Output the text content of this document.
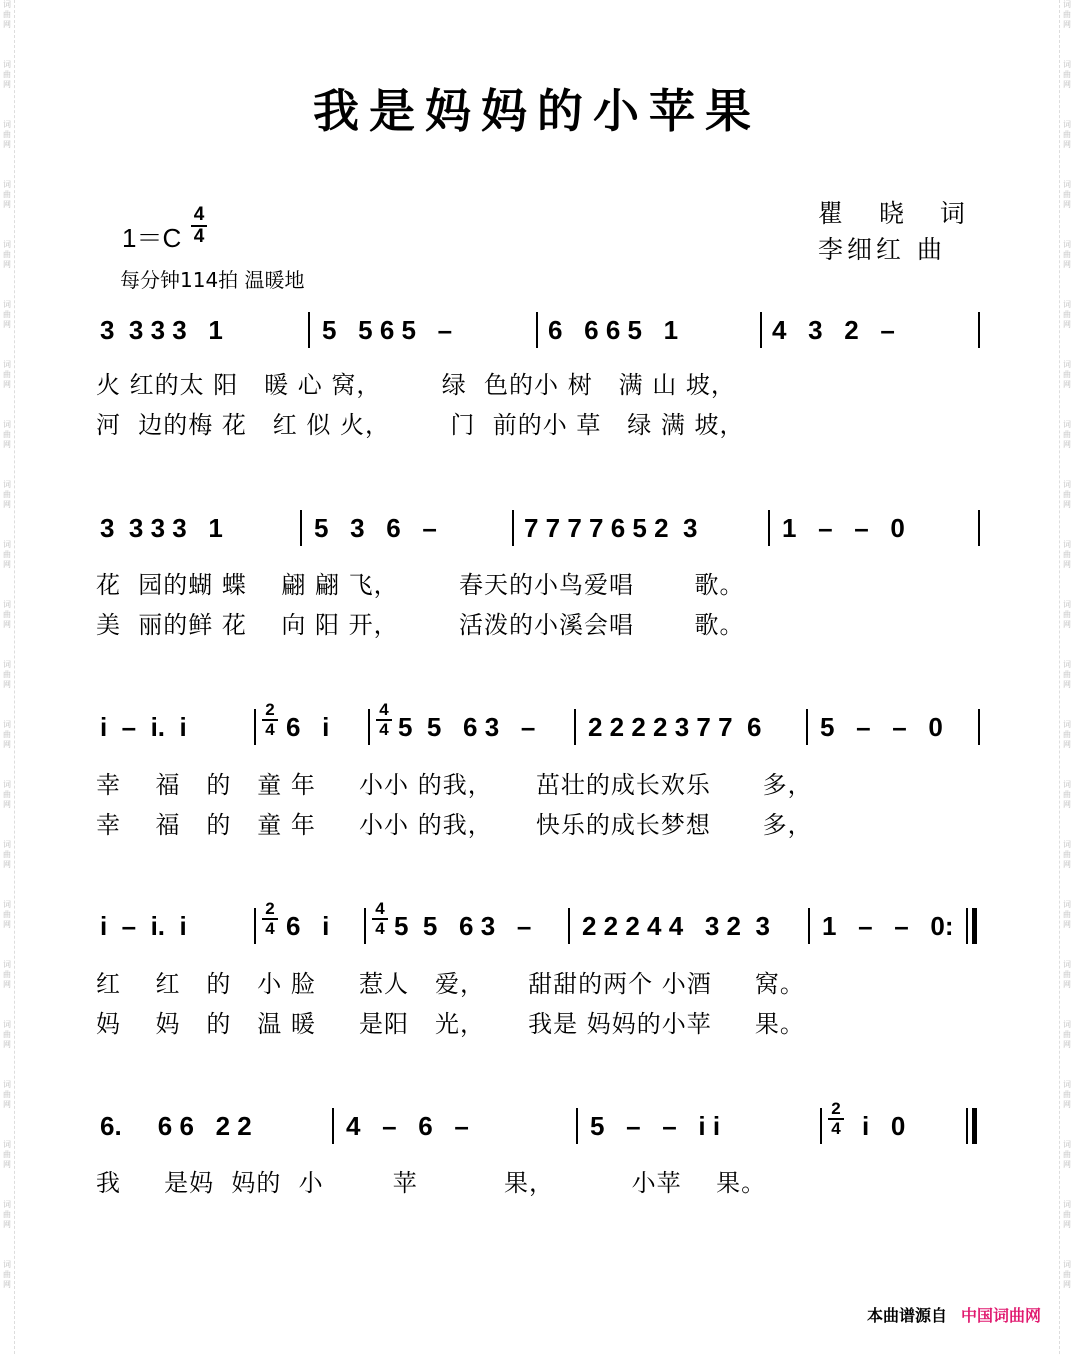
词
曲
网
词
曲
网
词
曲
网
词
曲
网
词
曲
网
词
曲
网
词
曲
网
词
曲
网
词
曲
网
词
曲
网
词
曲
网
词
曲
网
词
曲
网
词
曲
网
词
曲
网
词
曲
网
词
曲
网
词
曲
网
词
曲
网
词
曲
网
词
曲
网
词
曲
网
词
曲
网
词
曲
网
词
曲
网
词
曲
网
词
曲
网
词
曲
网
词
曲
网
词
曲
网
词
曲
网
词
曲
网
词
曲
网
词
曲
网
词
曲
网
词
曲
网
词
曲
网
词
曲
网
词
曲
网
词
曲
网
词
曲
网
词
曲
网
词
曲
网
词
曲
网
我是妈妈的小苹果
瞿 晓 词
李细红 曲
1＝C
4
4
每分钟114拍 温暖地
3  3 3 3   1	5   5 6 5   –	6   6 6 5   1	4   3   2   –
火 红的太 阳   暖 心 窝，       绿  色的小 树   满 山 坡，
河  边的梅 花   红 似 火，       门  前的小 草   绿 满 坡，
3  3 3 3   1	5   3   6   –	7 7 7 7 6 5 2  3	1   –   –   0
花  园的蝴 蝶    翩 翩 飞，       春天的小鸟爱唱       歌。
美  丽的鲜 花    向 阳 开，       活泼的小溪会唱       歌。
i  –  i.  i
2
4 6   i
4
4 5  5   6 3   – 2 2 2 2 3 7 7  6 5   –   –   0
幸    福   的   童 年     小小 的我，     茁壮的成长欢乐      多，
幸    福   的   童 年     小小 的我，     快乐的成长梦想      多，
i  –  i.  i
2
4 6   i
4
4 5  5   6 3   – 2 2 2 4 4   3 2  3 1   –   –   0:
红    红   的   小 脸     惹人   爱，     甜甜的两个 小酒     窝。
妈    妈   的   温 暖     是阳   光，     我是 妈妈的小苹     果。
6.     6 6   2 2	4   –   6   –	5   –   –   i i
2
4 i   0
我     是妈  妈的  小        苹          果，         小苹    果。
本曲谱源自 中国词曲网
